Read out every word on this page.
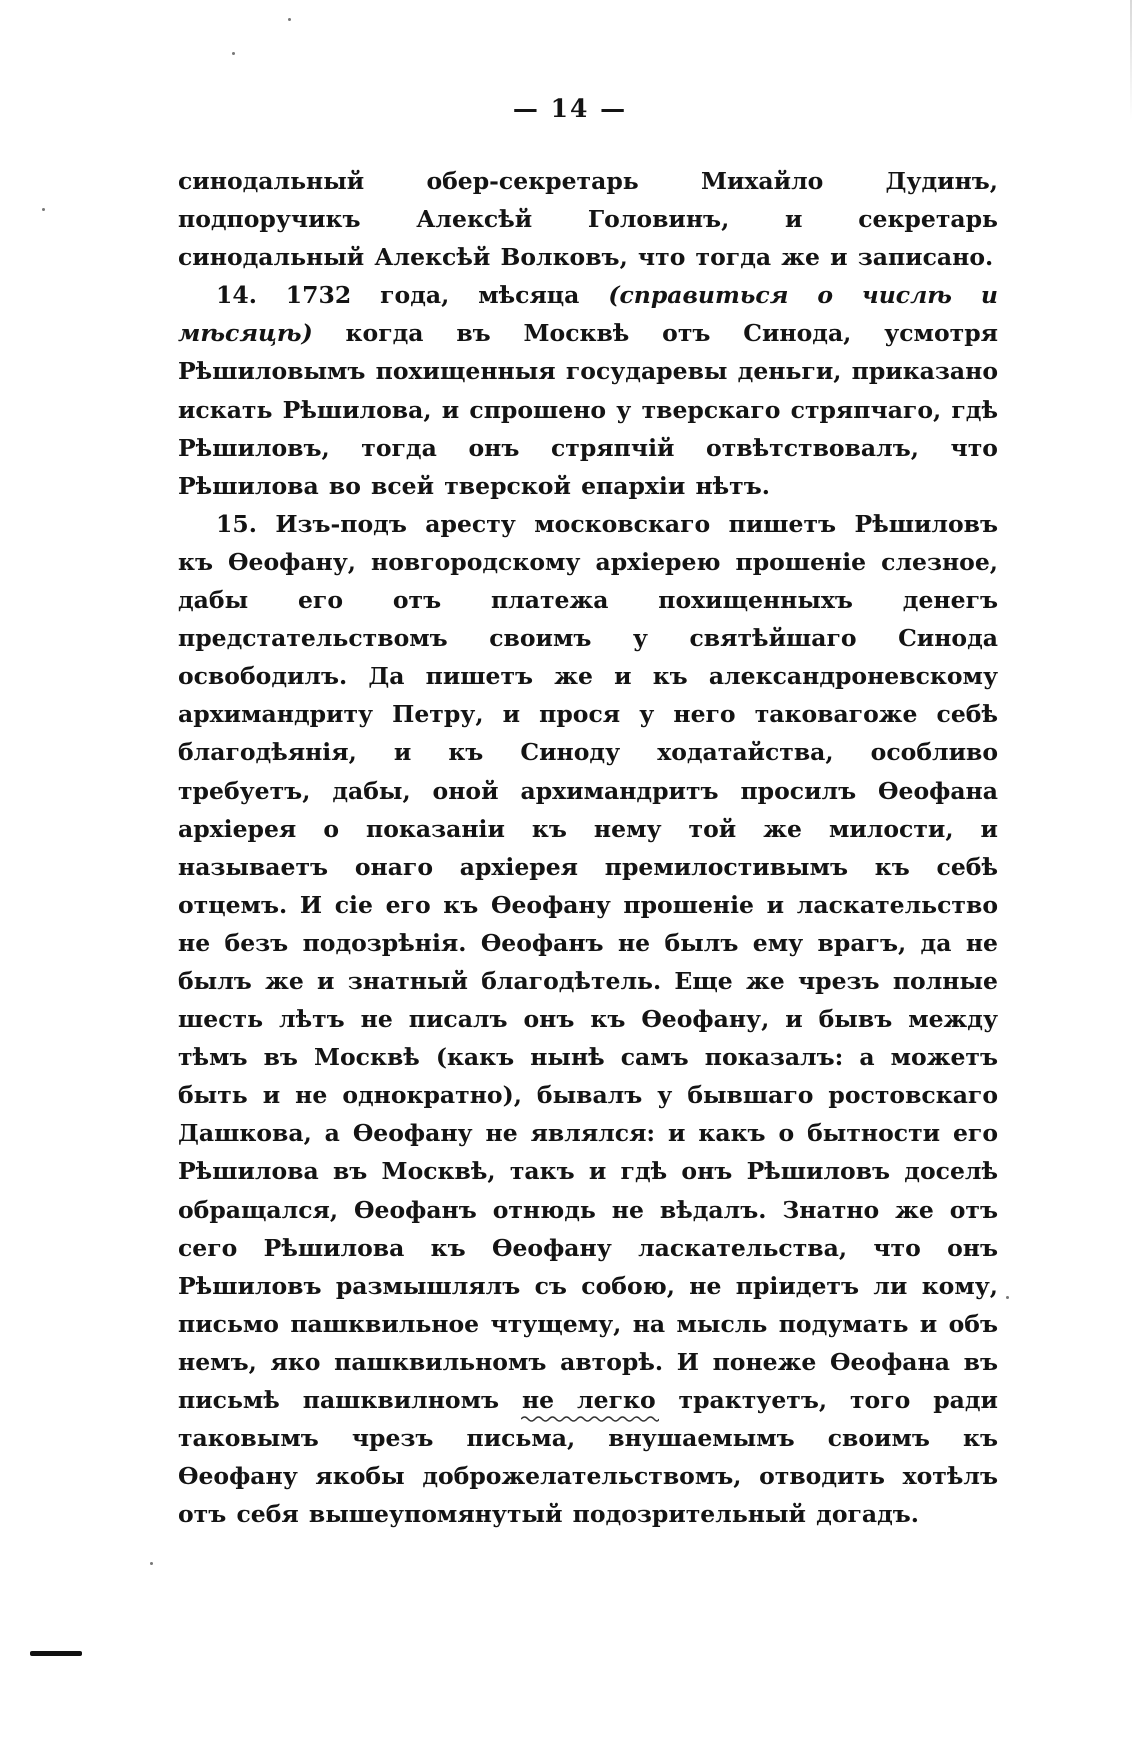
— 14 —

синодальный обер-секретарь Михайло Дудинъ, подпоручикъ Алексѣй Головинъ, и секретарь синодальный Алексѣй Волковъ, что тогда же и записано.

14. 1732 года, мѣсяца (справиться о числѣ и мѣсяцѣ) когда въ Москвѣ отъ Синода, усмотря Рѣшиловымъ похищенныя государевы деньги, приказано искать Рѣшилова, и спрошено у тверскаго стряпчаго, гдѣ Рѣшиловъ, тогда онъ стряпчій отвѣтствовалъ, что Рѣшилова во всей тверской епархіи нѣтъ.

15. Изъ-подъ аресту московскаго пишетъ Рѣшиловъ къ Ѳеофану, новгородскому архіерею прошеніе слезное, дабы его отъ платежа похищенныхъ денегъ предстательствомъ своимъ у святѣйшаго Синода освободилъ. Да пишетъ же и къ александроневскому архимандриту Петру, и прося у него таковагоже себѣ благодѣянія, и къ Синоду ходатайства, особливо требуетъ, дабы, оной архимандритъ просилъ Ѳеофана архіерея о показаніи къ нему той же милости, и называетъ онаго архіерея премилостивымъ къ себѣ отцемъ. И сіе его къ Ѳеофану прошеніе и ласкательство не безъ подозрѣнія. Ѳеофанъ не былъ ему врагъ, да не былъ же и знатный благодѣтель. Еще же чрезъ полные шесть лѣтъ не писалъ онъ къ Ѳеофану, и бывъ между тѣмъ въ Москвѣ (какъ нынѣ самъ показалъ: а можетъ быть и не однократно), бывалъ у бывшаго ростовскаго Дашкова, а Ѳеофану не являлся: и какъ о бытности его Рѣшилова въ Москвѣ, такъ и гдѣ онъ Рѣшиловъ доселѣ обращался, Ѳеофанъ отнюдь не вѣдалъ. Знатно же отъ сего Рѣшилова къ Ѳеофану ласкательства, что онъ Рѣшиловъ размышлялъ съ собою, не пріидетъ ли кому, письмо пашквильное чтущему, на мысль подумать и объ немъ, яко пашквильномъ авторѣ. И понеже Ѳеофана въ письмѣ пашквилномъ не легко трактуетъ, того ради таковымъ чрезъ письма, внушаемымъ своимъ къ Ѳеофану якобы доброжелательствомъ, отводить хотѣлъ отъ себя вышеупомянутый подозрительный догадъ.
